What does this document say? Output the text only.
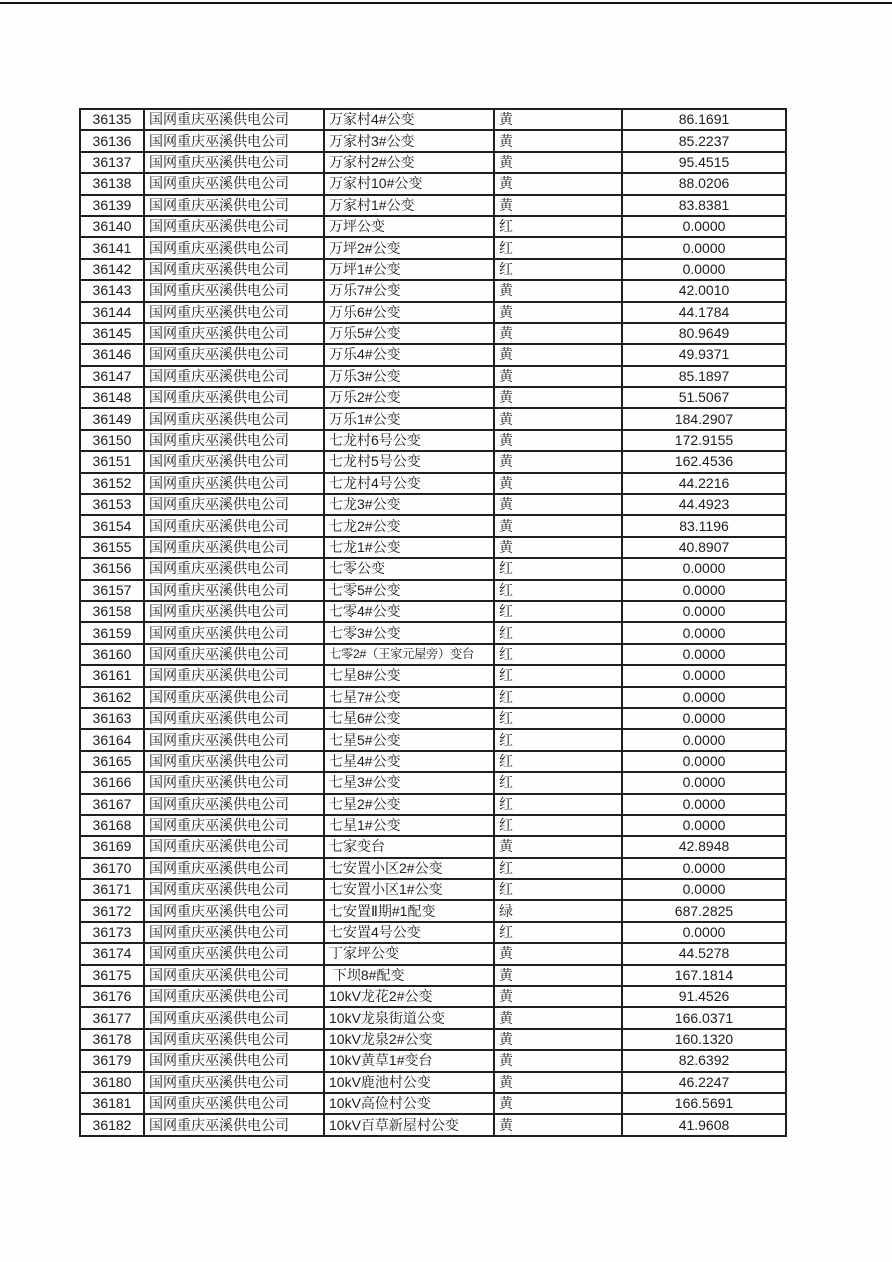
36135	国网重庆巫溪供电公司	万家村4#公变	黄	86.1691
36136	国网重庆巫溪供电公司	万家村3#公变	黄	85.2237
36137	国网重庆巫溪供电公司	万家村2#公变	黄	95.4515
36138	国网重庆巫溪供电公司	万家村10#公变	黄	88.0206
36139	国网重庆巫溪供电公司	万家村1#公变	黄	83.8381
36140	国网重庆巫溪供电公司	万坪公变	红	0.0000
36141	国网重庆巫溪供电公司	万坪2#公变	红	0.0000
36142	国网重庆巫溪供电公司	万坪1#公变	红	0.0000
36143	国网重庆巫溪供电公司	万乐7#公变	黄	42.0010
36144	国网重庆巫溪供电公司	万乐6#公变	黄	44.1784
36145	国网重庆巫溪供电公司	万乐5#公变	黄	80.9649
36146	国网重庆巫溪供电公司	万乐4#公变	黄	49.9371
36147	国网重庆巫溪供电公司	万乐3#公变	黄	85.1897
36148	国网重庆巫溪供电公司	万乐2#公变	黄	51.5067
36149	国网重庆巫溪供电公司	万乐1#公变	黄	184.2907
36150	国网重庆巫溪供电公司	七龙村6号公变	黄	172.9155
36151	国网重庆巫溪供电公司	七龙村5号公变	黄	162.4536
36152	国网重庆巫溪供电公司	七龙村4号公变	黄	44.2216
36153	国网重庆巫溪供电公司	七龙3#公变	黄	44.4923
36154	国网重庆巫溪供电公司	七龙2#公变	黄	83.1196
36155	国网重庆巫溪供电公司	七龙1#公变	黄	40.8907
36156	国网重庆巫溪供电公司	七零公变	红	0.0000
36157	国网重庆巫溪供电公司	七零5#公变	红	0.0000
36158	国网重庆巫溪供电公司	七零4#公变	红	0.0000
36159	国网重庆巫溪供电公司	七零3#公变	红	0.0000
36160	国网重庆巫溪供电公司	七零2#（王家元屋旁）变台	红	0.0000
36161	国网重庆巫溪供电公司	七星8#公变	红	0.0000
36162	国网重庆巫溪供电公司	七星7#公变	红	0.0000
36163	国网重庆巫溪供电公司	七星6#公变	红	0.0000
36164	国网重庆巫溪供电公司	七星5#公变	红	0.0000
36165	国网重庆巫溪供电公司	七星4#公变	红	0.0000
36166	国网重庆巫溪供电公司	七星3#公变	红	0.0000
36167	国网重庆巫溪供电公司	七星2#公变	红	0.0000
36168	国网重庆巫溪供电公司	七星1#公变	红	0.0000
36169	国网重庆巫溪供电公司	七家变台	黄	42.8948
36170	国网重庆巫溪供电公司	七安置小区2#公变	红	0.0000
36171	国网重庆巫溪供电公司	七安置小区1#公变	红	0.0000
36172	国网重庆巫溪供电公司	七安置Ⅱ期#1配变	绿	687.2825
36173	国网重庆巫溪供电公司	七安置4号公变	红	0.0000
36174	国网重庆巫溪供电公司	丁家坪公变	黄	44.5278
36175	国网重庆巫溪供电公司	下坝8#配变	黄	167.1814
36176	国网重庆巫溪供电公司	10kV龙花2#公变	黄	91.4526
36177	国网重庆巫溪供电公司	10kV龙泉街道公变	黄	166.0371
36178	国网重庆巫溪供电公司	10kV龙泉2#公变	黄	160.1320
36179	国网重庆巫溪供电公司	10kV黄草1#变台	黄	82.6392
36180	国网重庆巫溪供电公司	10kV鹿池村公变	黄	46.2247
36181	国网重庆巫溪供电公司	10kV高俭村公变	黄	166.5691
36182	国网重庆巫溪供电公司	10kV百草新屋村公变	黄	41.9608
